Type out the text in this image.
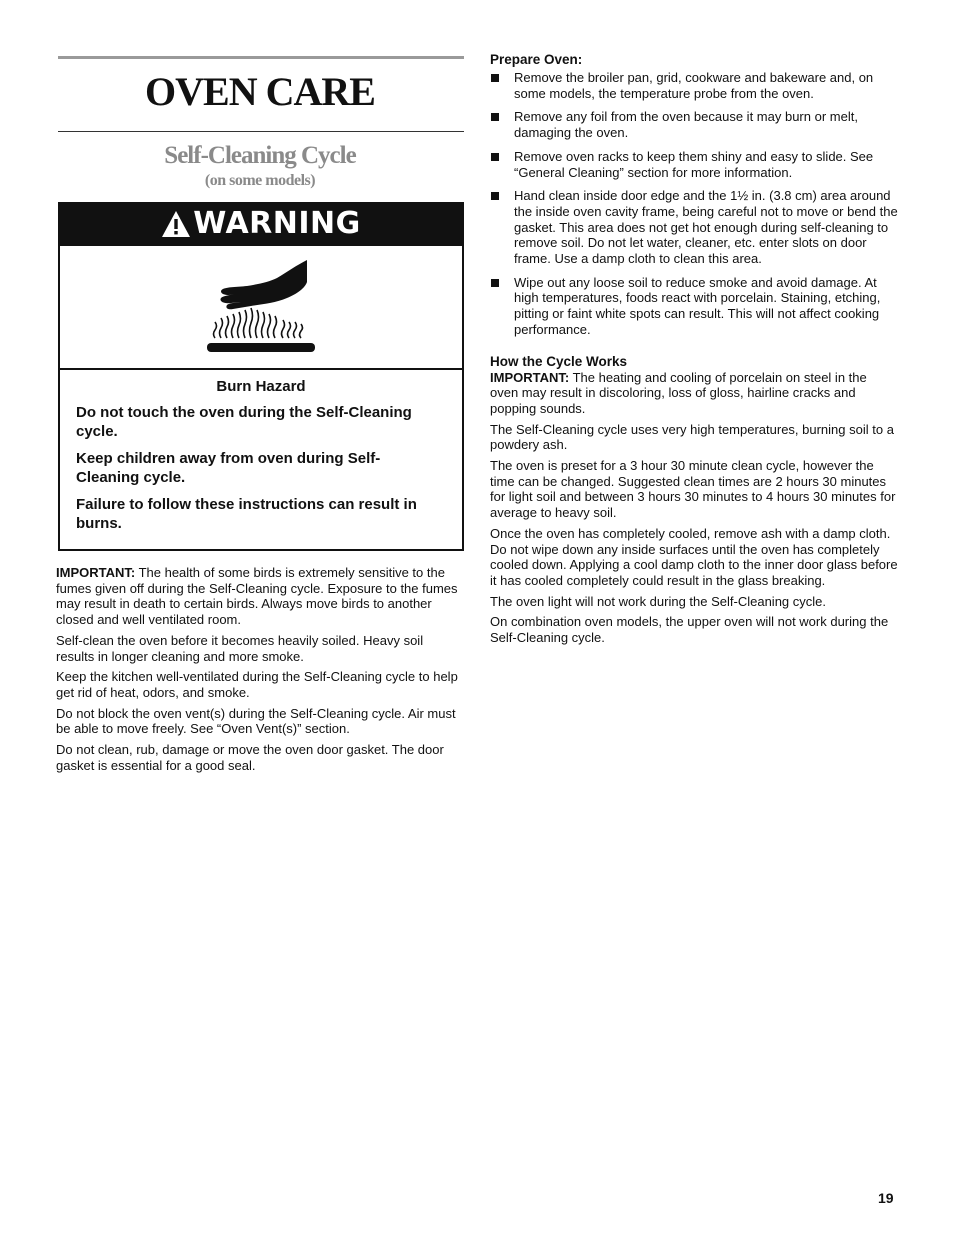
OVEN CARE
Self-Cleaning Cycle
(on some models)
WARNING
Burn Hazard
Do not touch the oven during the Self-Cleaning cycle.
Keep children away from oven during Self-Cleaning cycle.
Failure to follow these instructions can result in burns.

IMPORTANT: The health of some birds is extremely sensitive to the fumes given off during the Self-Cleaning cycle. Exposure to the fumes may result in death to certain birds. Always move birds to another closed and well ventilated room.

Self-clean the oven before it becomes heavily soiled. Heavy soil results in longer cleaning and more smoke.

Keep the kitchen well-ventilated during the Self-Cleaning cycle to help get rid of heat, odors, and smoke.

Do not block the oven vent(s) during the Self-Cleaning cycle. Air must be able to move freely. See “Oven Vent(s)” section.

Do not clean, rub, damage or move the oven door gasket. The door gasket is essential for a good seal.

Prepare Oven:
Remove the broiler pan, grid, cookware and bakeware and, on some models, the temperature probe from the oven.
Remove any foil from the oven because it may burn or melt, damaging the oven.
Remove oven racks to keep them shiny and easy to slide. See “General Cleaning” section for more information.
Hand clean inside door edge and the 1½ in. (3.8 cm) area around the inside oven cavity frame, being careful not to move or bend the gasket. This area does not get hot enough during self-cleaning to remove soil. Do not let water, cleaner, etc. enter slots on door frame. Use a damp cloth to clean this area.
Wipe out any loose soil to reduce smoke and avoid damage. At high temperatures, foods react with porcelain. Staining, etching, pitting or faint white spots can result. This will not affect cooking performance.
How the Cycle Works

IMPORTANT: The heating and cooling of porcelain on steel in the oven may result in discoloring, loss of gloss, hairline cracks and popping sounds.

The Self-Cleaning cycle uses very high temperatures, burning soil to a powdery ash.

The oven is preset for a 3 hour 30 minute clean cycle, however the time can be changed. Suggested clean times are 2 hours 30 minutes for light soil and between 3 hours 30 minutes to 4 hours 30 minutes for average to heavy soil.

Once the oven has completely cooled, remove ash with a damp cloth. Do not wipe down any inside surfaces until the oven has completely cooled down. Applying a cool damp cloth to the inner door glass before it has cooled completely could result in the glass breaking.

The oven light will not work during the Self-Cleaning cycle.

On combination oven models, the upper oven will not work during the Self-Cleaning cycle.

19
